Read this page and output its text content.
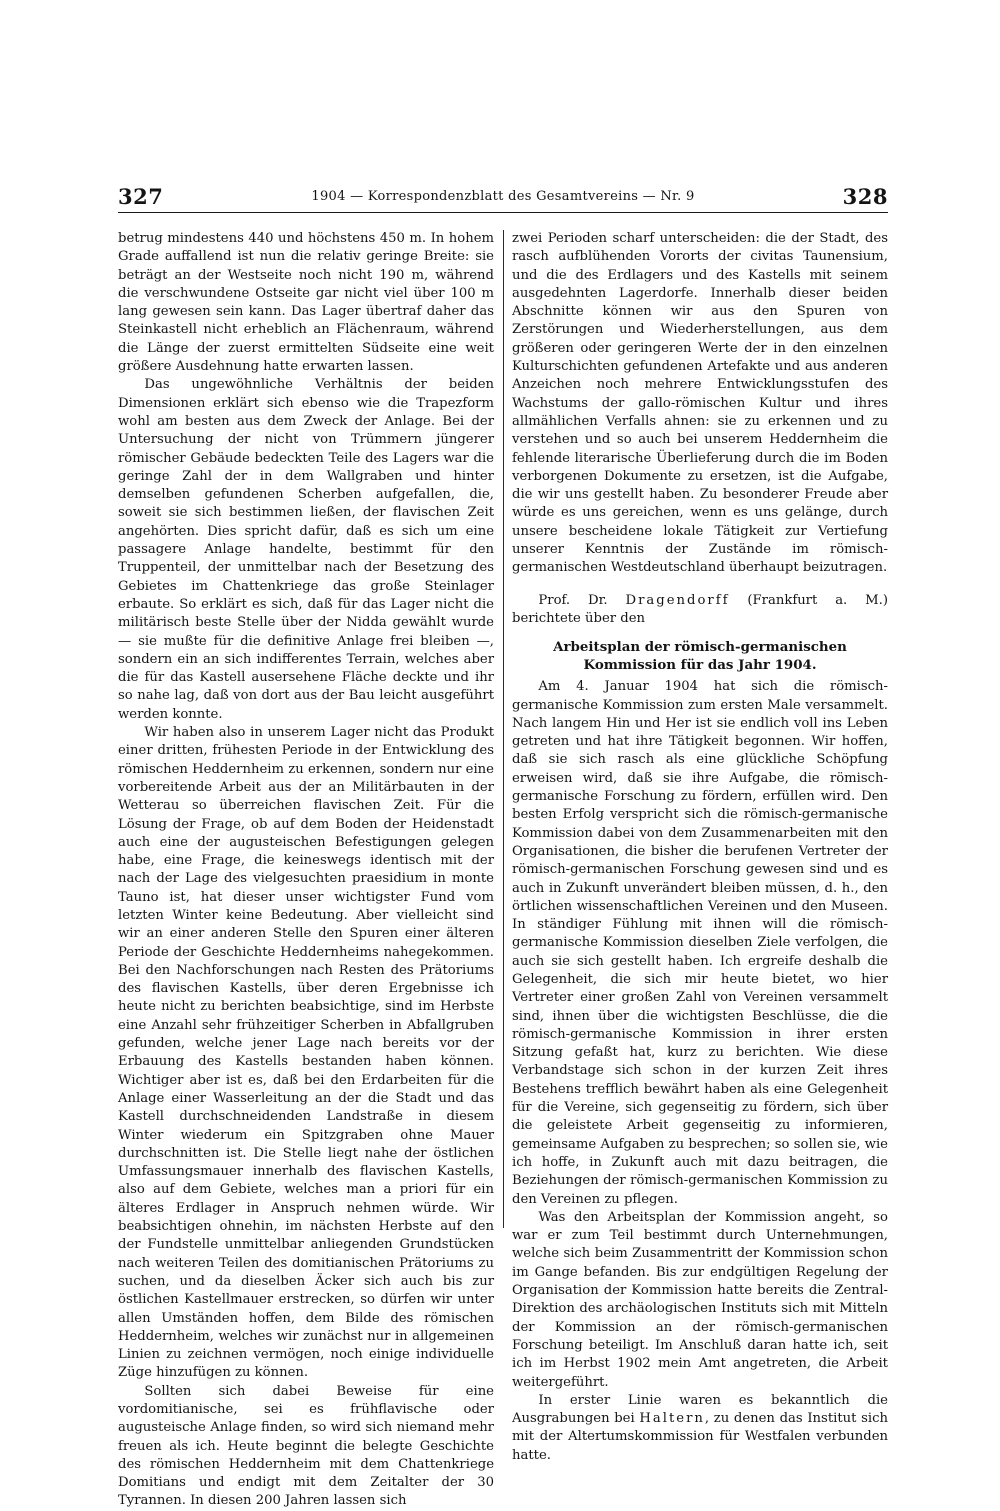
327	1904 — Korrespondenzblatt des Gesamtvereins — Nr. 9	328

betrug mindestens 440 und höchstens 450 m. In hohem Grade auffallend ist nun die relativ geringe Breite: sie beträgt an der Westseite noch nicht 190 m, während die verschwundene Ostseite gar nicht viel über 100 m lang gewesen sein kann. Das Lager übertraf daher das Steinkastell nicht erheblich an Flächenraum, während die Länge der zuerst ermittelten Südseite eine weit größere Ausdehnung hatte erwarten lassen.

Das ungewöhnliche Verhältnis der beiden Dimensionen erklärt sich ebenso wie die Trapezform wohl am besten aus dem Zweck der Anlage. Bei der Untersuchung der nicht von Trümmern jüngerer römischer Gebäude bedeckten Teile des Lagers war die geringe Zahl der in dem Wallgraben und hinter demselben gefundenen Scherben aufgefallen, die, soweit sie sich bestimmen ließen, der flavischen Zeit angehörten. Dies spricht dafür, daß es sich um eine passagere Anlage handelte, bestimmt für den Truppenteil, der unmittelbar nach der Besetzung des Gebietes im Chattenkriege das große Steinlager erbaute. So erklärt es sich, daß für das Lager nicht die militärisch beste Stelle über der Nidda gewählt wurde — sie mußte für die definitive Anlage frei bleiben —, sondern ein an sich indifferentes Terrain, welches aber die für das Kastell ausersehene Fläche deckte und ihr so nahe lag, daß von dort aus der Bau leicht ausgeführt werden konnte.

Wir haben also in unserem Lager nicht das Produkt einer dritten, frühesten Periode in der Entwicklung des römischen Heddernheim zu erkennen, sondern nur eine vorbereitende Arbeit aus der an Militärbauten in der Wetterau so überreichen flavischen Zeit. Für die Lösung der Frage, ob auf dem Boden der Heidenstadt auch eine der augusteischen Befestigungen gelegen habe, eine Frage, die keineswegs identisch mit der nach der Lage des vielgesuchten praesidium in monte Tauno ist, hat dieser unser wichtigster Fund vom letzten Winter keine Bedeutung. Aber vielleicht sind wir an einer anderen Stelle den Spuren einer älteren Periode der Geschichte Heddernheims nahegekommen. Bei den Nachforschungen nach Resten des Prätoriums des flavischen Kastells, über deren Ergebnisse ich heute nicht zu berichten beabsichtige, sind im Herbste eine Anzahl sehr frühzeitiger Scherben in Abfallgruben gefunden, welche jener Lage nach bereits vor der Erbauung des Kastells bestanden haben können. Wichtiger aber ist es, daß bei den Erdarbeiten für die Anlage einer Wasserleitung an der die Stadt und das Kastell durchschneidenden Landstraße in diesem Winter wiederum ein Spitzgraben ohne Mauer durchschnitten ist. Die Stelle liegt nahe der östlichen Umfassungsmauer innerhalb des flavischen Kastells, also auf dem Gebiete, welches man a priori für ein älteres Erdlager in Anspruch nehmen würde. Wir beabsichtigen ohnehin, im nächsten Herbste auf den der Fundstelle unmittelbar anliegenden Grundstücken nach weiteren Teilen des domitianischen Prätoriums zu suchen, und da dieselben Äcker sich auch bis zur östlichen Kastellmauer erstrecken, so dürfen wir unter allen Umständen hoffen, dem Bilde des römischen Heddernheim, welches wir zunächst nur in allgemeinen Linien zu zeichnen vermögen, noch einige individuelle Züge hinzufügen zu können.

Sollten sich dabei Beweise für eine vordomitianische, sei es frühflavische oder augusteische Anlage finden, so wird sich niemand mehr freuen als ich. Heute beginnt die belegte Geschichte des römischen Heddernheim mit dem Chattenkriege Domitians und endigt mit dem Zeitalter der 30 Tyrannen. In diesen 200 Jahren lassen sich

zwei Perioden scharf unterscheiden: die der Stadt, des rasch aufblühenden Vororts der civitas Taunensium, und die des Erdlagers und des Kastells mit seinem ausgedehnten Lagerdorfe. Innerhalb dieser beiden Abschnitte können wir aus den Spuren von Zerstörungen und Wiederherstellungen, aus dem größeren oder geringeren Werte der in den einzelnen Kulturschichten gefundenen Artefakte und aus anderen Anzeichen noch mehrere Entwicklungsstufen des Wachstums der gallo-römischen Kultur und ihres allmählichen Verfalls ahnen: sie zu erkennen und zu verstehen und so auch bei unserem Heddernheim die fehlende literarische Überlieferung durch die im Boden verborgenen Dokumente zu ersetzen, ist die Aufgabe, die wir uns gestellt haben. Zu besonderer Freude aber würde es uns gereichen, wenn es uns gelänge, durch unsere bescheidene lokale Tätigkeit zur Vertiefung unserer Kenntnis der Zustände im römisch-germanischen Westdeutschland überhaupt beizutragen.

Prof. Dr. Dragendorff (Frankfurt a. M.) berichtete über den

Arbeitsplan der römisch-germanischen Kommission für das Jahr 1904.

Am 4. Januar 1904 hat sich die römisch-germanische Kommission zum ersten Male versammelt. Nach langem Hin und Her ist sie endlich voll ins Leben getreten und hat ihre Tätigkeit begonnen. Wir hoffen, daß sie sich rasch als eine glückliche Schöpfung erweisen wird, daß sie ihre Aufgabe, die römisch-germanische Forschung zu fördern, erfüllen wird. Den besten Erfolg verspricht sich die römisch-germanische Kommission dabei von dem Zusammenarbeiten mit den Organisationen, die bisher die berufenen Vertreter der römisch-germanischen Forschung gewesen sind und es auch in Zukunft unverändert bleiben müssen, d. h., den örtlichen wissenschaftlichen Vereinen und den Museen. In ständiger Fühlung mit ihnen will die römisch-germanische Kommission dieselben Ziele verfolgen, die auch sie sich gestellt haben. Ich ergreife deshalb die Gelegenheit, die sich mir heute bietet, wo hier Vertreter einer großen Zahl von Vereinen versammelt sind, ihnen über die wichtigsten Beschlüsse, die die römisch-germanische Kommission in ihrer ersten Sitzung gefaßt hat, kurz zu berichten. Wie diese Verbandstage sich schon in der kurzen Zeit ihres Bestehens trefflich bewährt haben als eine Gelegenheit für die Vereine, sich gegenseitig zu fördern, sich über die geleistete Arbeit gegenseitig zu informieren, gemeinsame Aufgaben zu besprechen; so sollen sie, wie ich hoffe, in Zukunft auch mit dazu beitragen, die Beziehungen der römisch-germanischen Kommission zu den Vereinen zu pflegen.

Was den Arbeitsplan der Kommission angeht, so war er zum Teil bestimmt durch Unternehmungen, welche sich beim Zusammentritt der Kommission schon im Gange befanden. Bis zur endgültigen Regelung der Organisation der Kommission hatte bereits die Zentral-Direktion des archäologischen Instituts sich mit Mitteln der Kommission an der römisch-germanischen Forschung beteiligt. Im Anschluß daran hatte ich, seit ich im Herbst 1902 mein Amt angetreten, die Arbeit weitergeführt.

In erster Linie waren es bekanntlich die Ausgrabungen bei Haltern, zu denen das Institut sich mit der Altertumskommission für Westfalen verbunden hatte.
